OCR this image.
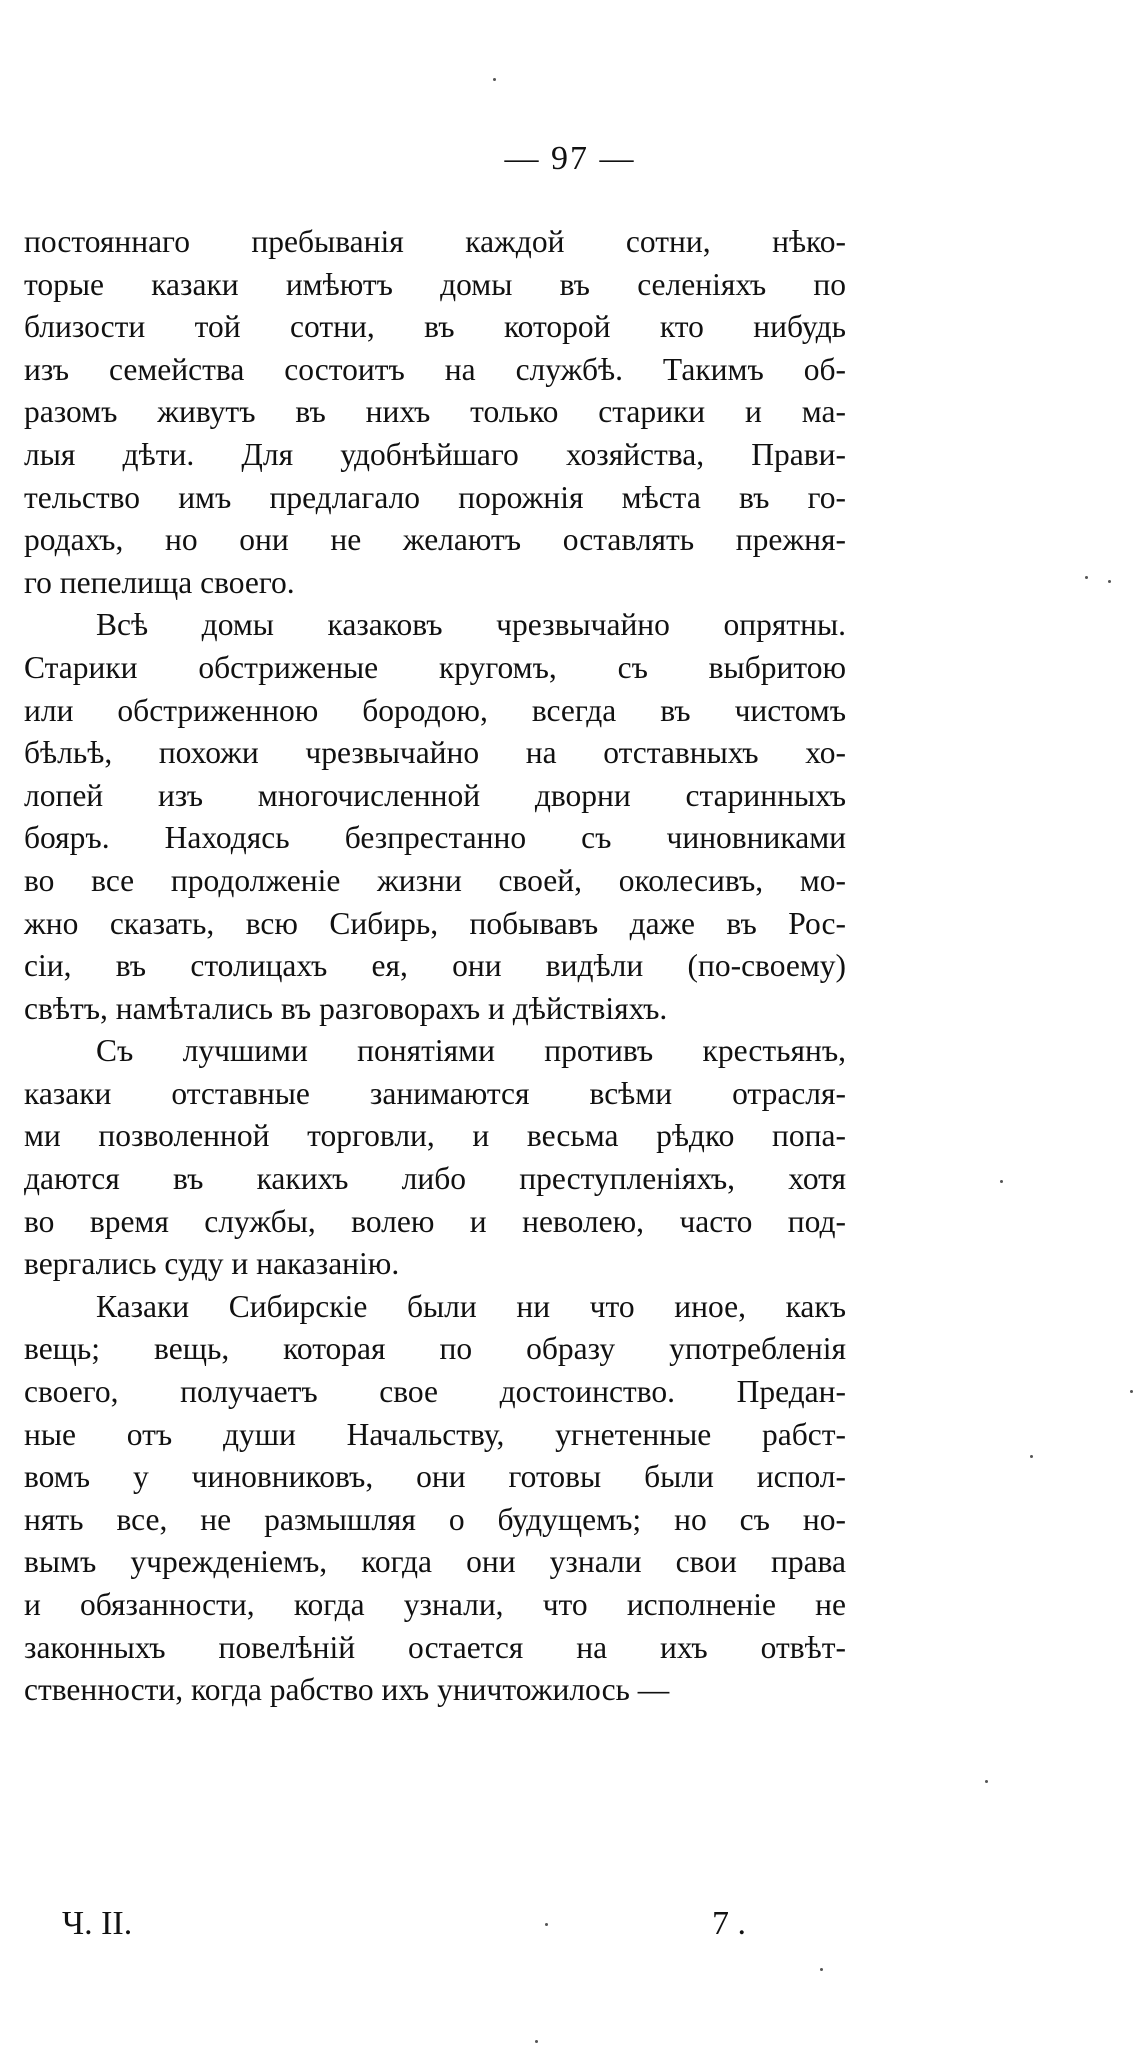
— 97 —
постояннаго пребыванія каждой сотни, нѣко-
торые казаки имѣютъ домы въ селеніяхъ по
близости той сотни, въ которой кто нибудь
изъ семейства состоитъ на службѣ. Такимъ об-
разомъ живутъ въ нихъ только старики и ма-
лыя дѣти. Для удобнѣйшаго хозяйства, Прави-
тельство имъ предлагало порожнія мѣста въ го-
родахъ, но они не желаютъ оставлять прежня-
го пепелища своего.
Всѣ домы казаковъ чрезвычайно опрятны.
Старики обстриженые кругомъ, съ выбритою
или обстриженною бородою, всегда въ чистомъ
бѣльѣ, похожи чрезвычайно на отставныхъ хо-
лопей изъ многочисленной дворни старинныхъ
бояръ. Находясь безпрестанно съ чиновниками
во все продолженіе жизни своей, околесивъ, мо-
жно сказать, всю Сибирь, побывавъ даже въ Рос-
сіи, въ столицахъ ея, они видѣли (по-своему)
свѣтъ, намѣтались въ разговорахъ и дѣйствіяхъ.
Съ лучшими понятіями противъ крестьянъ,
казаки отставные занимаются всѣми отрасля-
ми позволенной торговли, и весьма рѣдко попа-
даются въ какихъ либо преступленіяхъ, хотя
во время службы, волею и неволею, часто под-
вергались суду и наказанію.
Казаки Сибирскіе были ни что иное, какъ
вещь; вещь, которая по образу употребленія
своего, получаетъ свое достоинство. Предан-
ные отъ души Начальству, угнетенные рабст-
вомъ у чиновниковъ, они готовы были испол-
нять все, не размышляя о будущемъ; но съ но-
вымъ учрежденіемъ, когда они узнали свои права
и обязанности, когда узнали, что исполненіе не
законныхъ повелѣній остается на ихъ отвѣт-
ственности, когда рабство ихъ уничтожилось —
Ч. II.	7 .
